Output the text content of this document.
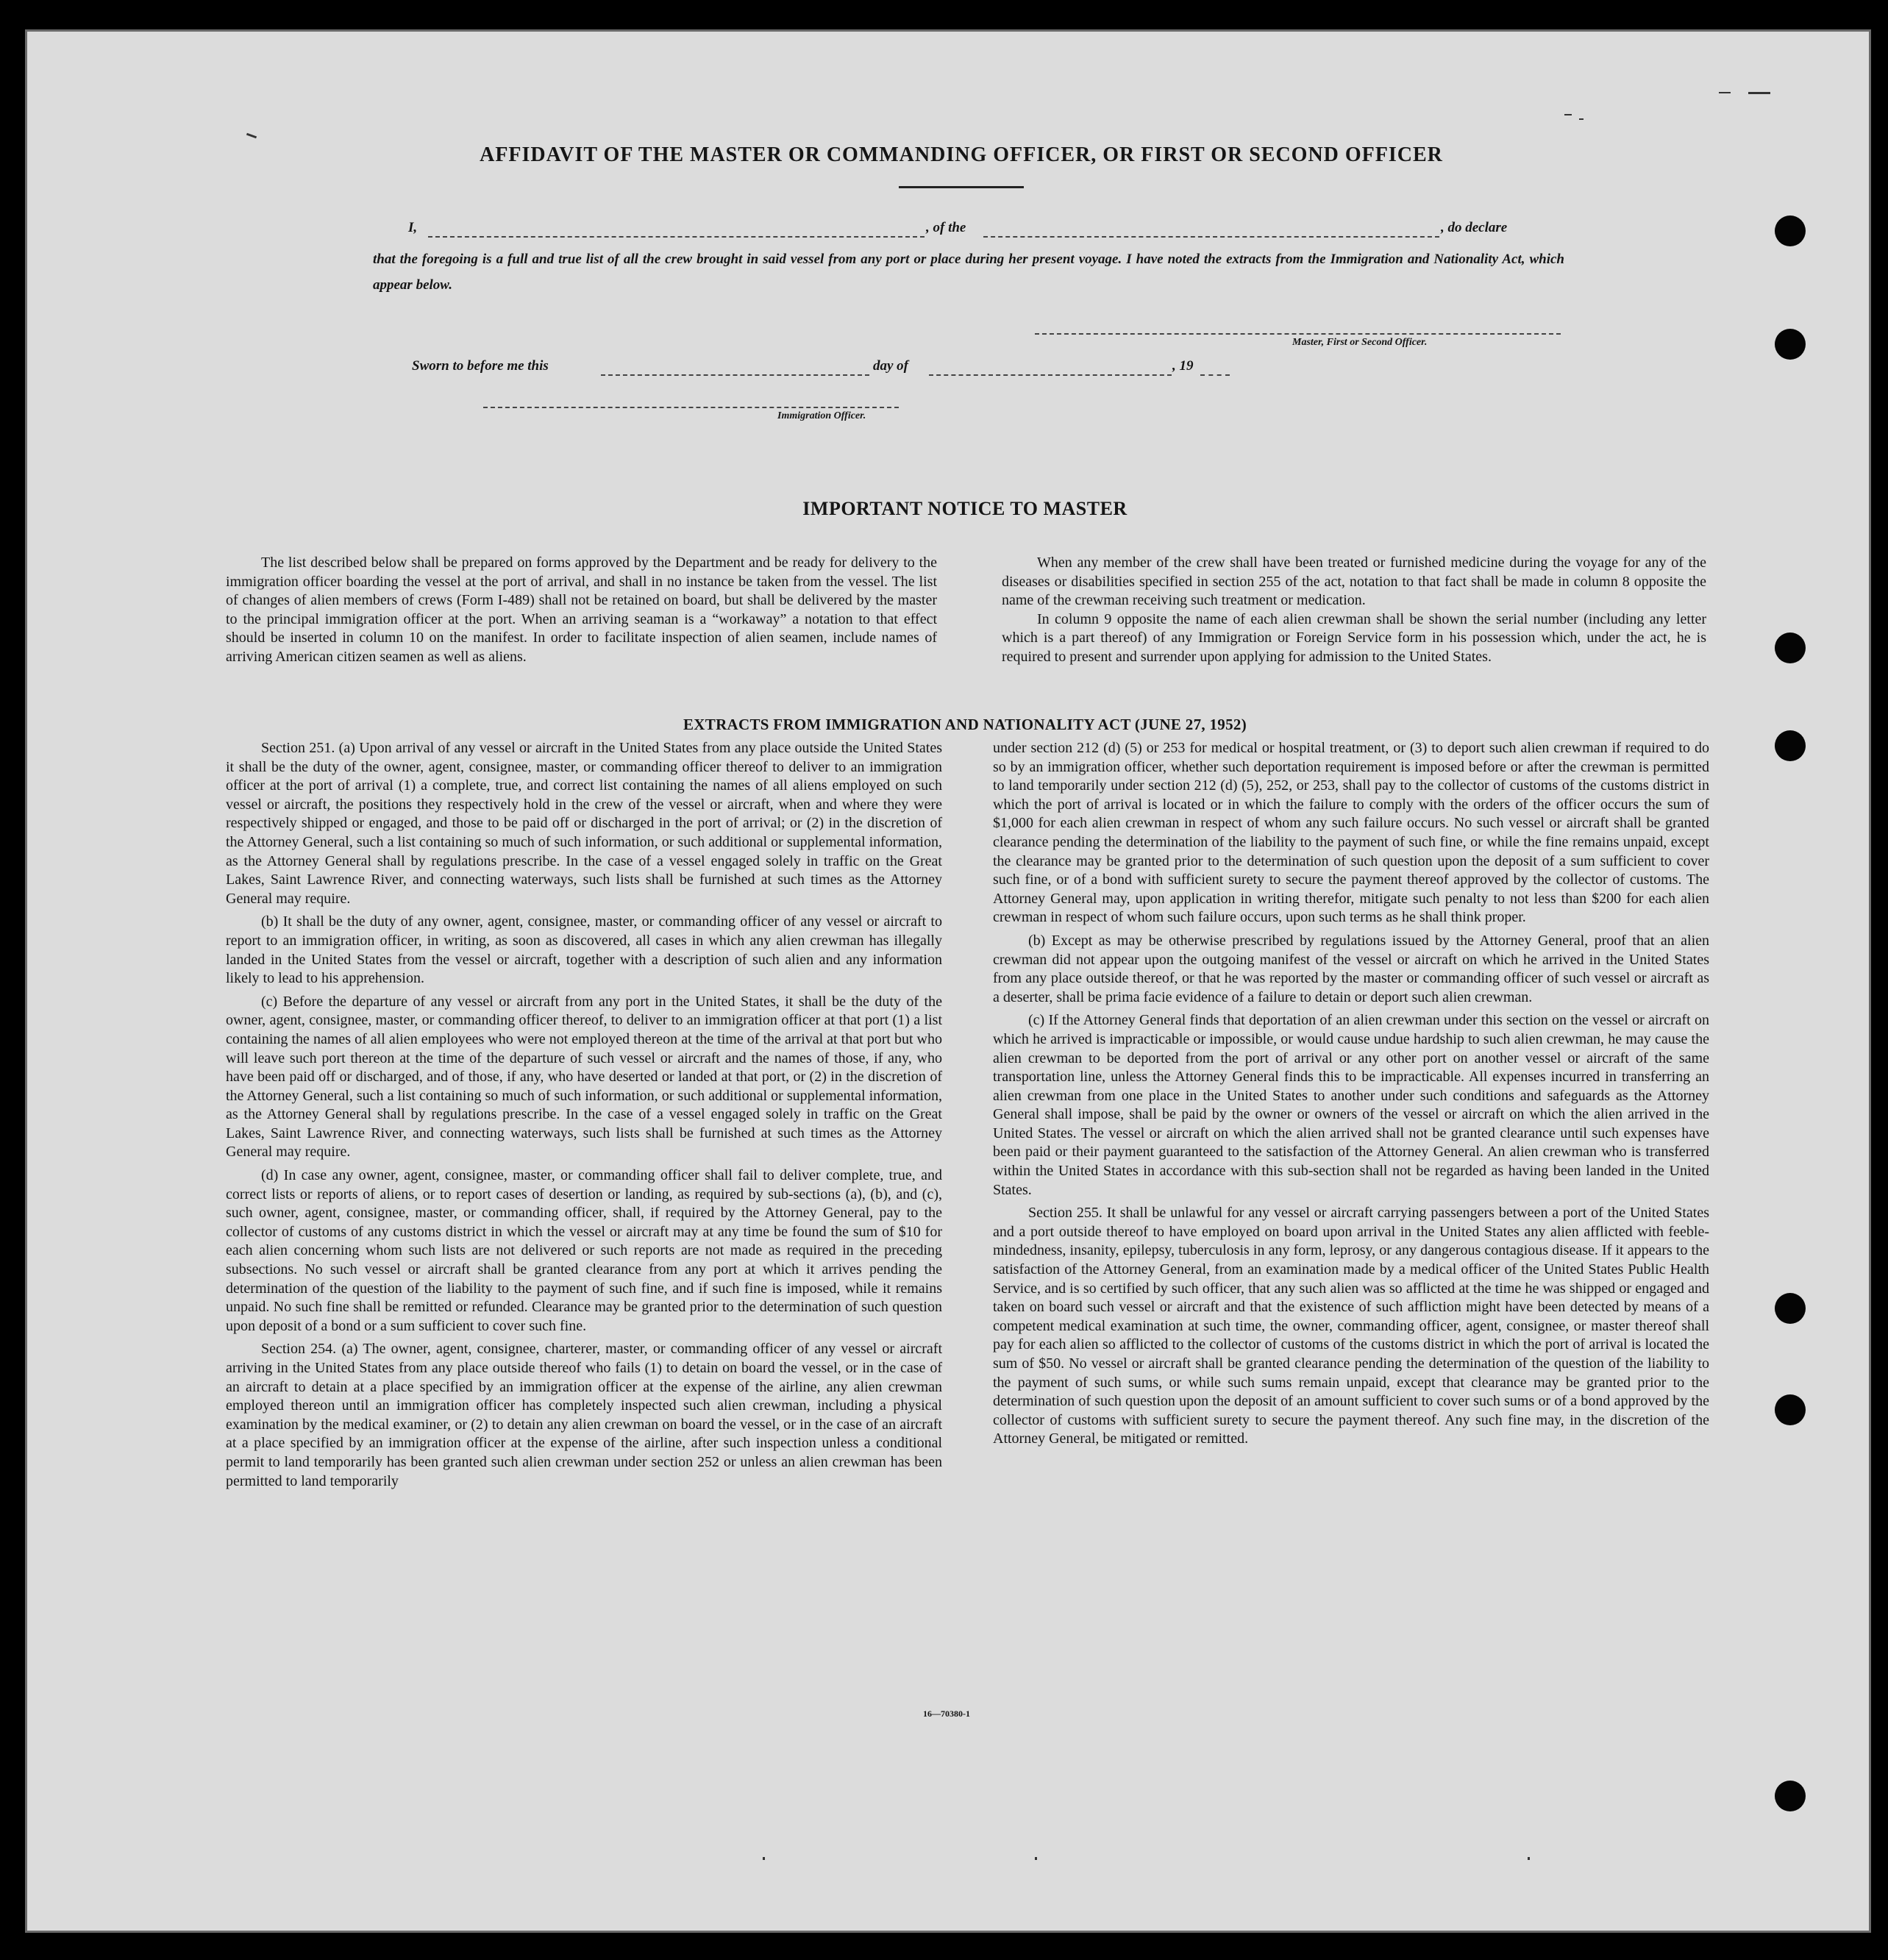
AFFIDAVIT OF THE MASTER OR COMMANDING OFFICER, OR FIRST OR SECOND OFFICER
I,	, of the	, do declare
that the foregoing is a full and true list of all the crew brought in said vessel from any port or place during her present voyage. I have noted the extracts from the Immigration and Nationality Act, which appear below.
Master, First or Second Officer.
Sworn to before me this	day of	, 19
Immigration Officer.
IMPORTANT NOTICE TO MASTER

The list described below shall be prepared on forms approved by the Department and be ready for delivery to the immigration officer boarding the vessel at the port of arrival, and shall in no instance be taken from the vessel. The list of changes of alien members of crews (Form I-489) shall not be retained on board, but shall be delivered by the master to the principal immigration officer at the port. When an arriving seaman is a “workaway” a notation to that effect should be inserted in column 10 on the manifest. In order to facilitate inspection of alien seamen, include names of arriving American citizen seamen as well as aliens.

When any member of the crew shall have been treated or furnished medicine during the voyage for any of the diseases or disabilities specified in section 255 of the act, notation to that fact shall be made in column 8 opposite the name of the crewman receiving such treatment or medication.

In column 9 opposite the name of each alien crewman shall be shown the serial number (including any letter which is a part thereof) of any Immigration or Foreign Service form in his possession which, under the act, he is required to present and surrender upon applying for admission to the United States.

EXTRACTS FROM IMMIGRATION AND NATIONALITY ACT (JUNE 27, 1952)

Section 251. (a) Upon arrival of any vessel or aircraft in the United States from any place outside the United States it shall be the duty of the owner, agent, consignee, master, or commanding officer thereof to deliver to an immigration officer at the port of arrival (1) a complete, true, and correct list containing the names of all aliens employed on such vessel or aircraft, the positions they respectively hold in the crew of the vessel or aircraft, when and where they were respectively shipped or engaged, and those to be paid off or discharged in the port of arrival; or (2) in the discretion of the Attorney General, such a list containing so much of such information, or such additional or supplemental information, as the Attorney General shall by regulations prescribe. In the case of a vessel engaged solely in traffic on the Great Lakes, Saint Lawrence River, and connecting waterways, such lists shall be furnished at such times as the Attorney General may require.

(b) It shall be the duty of any owner, agent, consignee, master, or commanding officer of any vessel or aircraft to report to an immigration officer, in writing, as soon as discovered, all cases in which any alien crewman has illegally landed in the United States from the vessel or aircraft, together with a description of such alien and any information likely to lead to his apprehension.

(c) Before the departure of any vessel or aircraft from any port in the United States, it shall be the duty of the owner, agent, consignee, master, or commanding officer thereof, to deliver to an immigration officer at that port (1) a list containing the names of all alien employees who were not employed thereon at the time of the arrival at that port but who will leave such port thereon at the time of the departure of such vessel or aircraft and the names of those, if any, who have been paid off or discharged, and of those, if any, who have deserted or landed at that port, or (2) in the discretion of the Attorney General, such a list containing so much of such information, or such additional or supplemental information, as the Attorney General shall by regulations prescribe. In the case of a vessel engaged solely in traffic on the Great Lakes, Saint Lawrence River, and connecting waterways, such lists shall be furnished at such times as the Attorney General may require.

(d) In case any owner, agent, consignee, master, or commanding officer shall fail to deliver complete, true, and correct lists or reports of aliens, or to report cases of desertion or landing, as required by sub-sections (a), (b), and (c), such owner, agent, consignee, master, or commanding officer, shall, if required by the Attorney General, pay to the collector of customs of any customs district in which the vessel or aircraft may at any time be found the sum of $10 for each alien concerning whom such lists are not delivered or such reports are not made as required in the preceding subsections. No such vessel or aircraft shall be granted clearance from any port at which it arrives pending the determination of the question of the liability to the payment of such fine, and if such fine is imposed, while it remains unpaid. No such fine shall be remitted or refunded. Clearance may be granted prior to the determination of such question upon deposit of a bond or a sum sufficient to cover such fine.

Section 254. (a) The owner, agent, consignee, charterer, master, or commanding officer of any vessel or aircraft arriving in the United States from any place outside thereof who fails (1) to detain on board the vessel, or in the case of an aircraft to detain at a place specified by an immigration officer at the expense of the airline, any alien crewman employed thereon until an immigration officer has completely inspected such alien crewman, including a physical examination by the medical examiner, or (2) to detain any alien crewman on board the vessel, or in the case of an aircraft at a place specified by an immigration officer at the expense of the airline, after such inspection unless a conditional permit to land temporarily has been granted such alien crewman under section 252 or unless an alien crewman has been permitted to land temporarily

under section 212 (d) (5) or 253 for medical or hospital treatment, or (3) to deport such alien crewman if required to do so by an immigration officer, whether such deportation requirement is imposed before or after the crewman is permitted to land temporarily under section 212 (d) (5), 252, or 253, shall pay to the collector of customs of the customs district in which the port of arrival is located or in which the failure to comply with the orders of the officer occurs the sum of $1,000 for each alien crewman in respect of whom any such failure occurs. No such vessel or aircraft shall be granted clearance pending the determination of the liability to the payment of such fine, or while the fine remains unpaid, except the clearance may be granted prior to the determination of such question upon the deposit of a sum sufficient to cover such fine, or of a bond with sufficient surety to secure the payment thereof approved by the collector of customs. The Attorney General may, upon application in writing therefor, mitigate such penalty to not less than $200 for each alien crewman in respect of whom such failure occurs, upon such terms as he shall think proper.

(b) Except as may be otherwise prescribed by regulations issued by the Attorney General, proof that an alien crewman did not appear upon the outgoing manifest of the vessel or aircraft on which he arrived in the United States from any place outside thereof, or that he was reported by the master or commanding officer of such vessel or aircraft as a deserter, shall be prima facie evidence of a failure to detain or deport such alien crewman.

(c) If the Attorney General finds that deportation of an alien crewman under this section on the vessel or aircraft on which he arrived is impracticable or impossible, or would cause undue hardship to such alien crewman, he may cause the alien crewman to be deported from the port of arrival or any other port on another vessel or aircraft of the same transportation line, unless the Attorney General finds this to be impracticable. All expenses incurred in transferring an alien crewman from one place in the United States to another under such conditions and safeguards as the Attorney General shall impose, shall be paid by the owner or owners of the vessel or aircraft on which the alien arrived in the United States. The vessel or aircraft on which the alien arrived shall not be granted clearance until such expenses have been paid or their payment guaranteed to the satisfaction of the Attorney General. An alien crewman who is transferred within the United States in accordance with this sub-section shall not be regarded as having been landed in the United States.

Section 255. It shall be unlawful for any vessel or aircraft carrying passengers between a port of the United States and a port outside thereof to have employed on board upon arrival in the United States any alien afflicted with feeble-mindedness, insanity, epilepsy, tuberculosis in any form, leprosy, or any dangerous contagious disease. If it appears to the satisfaction of the Attorney General, from an examination made by a medical officer of the United States Public Health Service, and is so certified by such officer, that any such alien was so afflicted at the time he was shipped or engaged and taken on board such vessel or aircraft and that the existence of such affliction might have been detected by means of a competent medical examination at such time, the owner, commanding officer, agent, consignee, or master thereof shall pay for each alien so afflicted to the collector of customs of the customs district in which the port of arrival is located the sum of $50. No vessel or aircraft shall be granted clearance pending the determination of the question of the liability to the payment of such sums, or while such sums remain unpaid, except that clearance may be granted prior to the determination of such question upon the deposit of an amount sufficient to cover such sums or of a bond approved by the collector of customs with sufficient surety to secure the payment thereof. Any such fine may, in the discretion of the Attorney General, be mitigated or remitted.

16—70380-1
